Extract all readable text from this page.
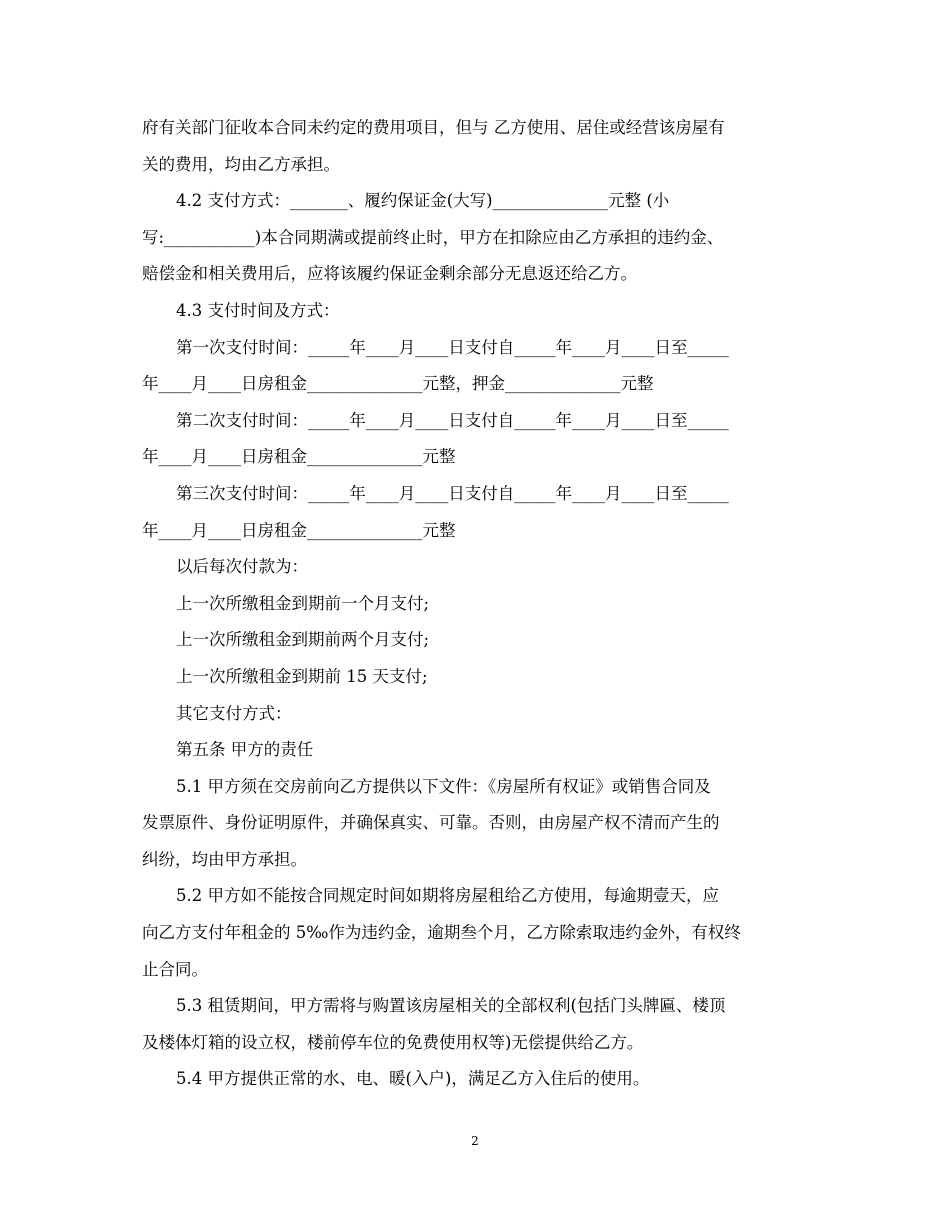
府有关部门征收本合同未约定的费用项目，但与 乙方使用、居住或经营该房屋有
关的费用，均由乙方承担。
4.2 支付方式：_______、履约保证金(大写)______________元整 (小
写:___________)本合同期满或提前终止时，甲方在扣除应由乙方承担的违约金、
赔偿金和相关费用后，应将该履约保证金剩余部分无息返还给乙方。
4.3 支付时间及方式：
第一次支付时间：_____年____月____日支付自_____年____月____日至_____
年____月____日房租金______________元整，押金______________元整
第二次支付时间：_____年____月____日支付自_____年____月____日至_____
年____月____日房租金______________元整
第三次支付时间：_____年____月____日支付自_____年____月____日至_____
年____月____日房租金______________元整
以后每次付款为：
上一次所缴租金到期前一个月支付;
上一次所缴租金到期前两个月支付;
上一次所缴租金到期前 15 天支付;
其它支付方式：
第五条 甲方的责任
5.1 甲方须在交房前向乙方提供以下文件：《房屋所有权证》或销售合同及
发票原件、身份证明原件，并确保真实、可靠。否则，由房屋产权不清而产生的
纠纷，均由甲方承担。
5.2 甲方如不能按合同规定时间如期将房屋租给乙方使用，每逾期壹天，应
向乙方支付年租金的 5‰作为违约金，逾期叁个月，乙方除索取违约金外，有权终
止合同。
5.3 租赁期间，甲方需将与购置该房屋相关的全部权利(包括门头牌匾、楼顶
及楼体灯箱的设立权，楼前停车位的免费使用权等)无偿提供给乙方。
5.4 甲方提供正常的水、电、暖(入户)，满足乙方入住后的使用。
2
